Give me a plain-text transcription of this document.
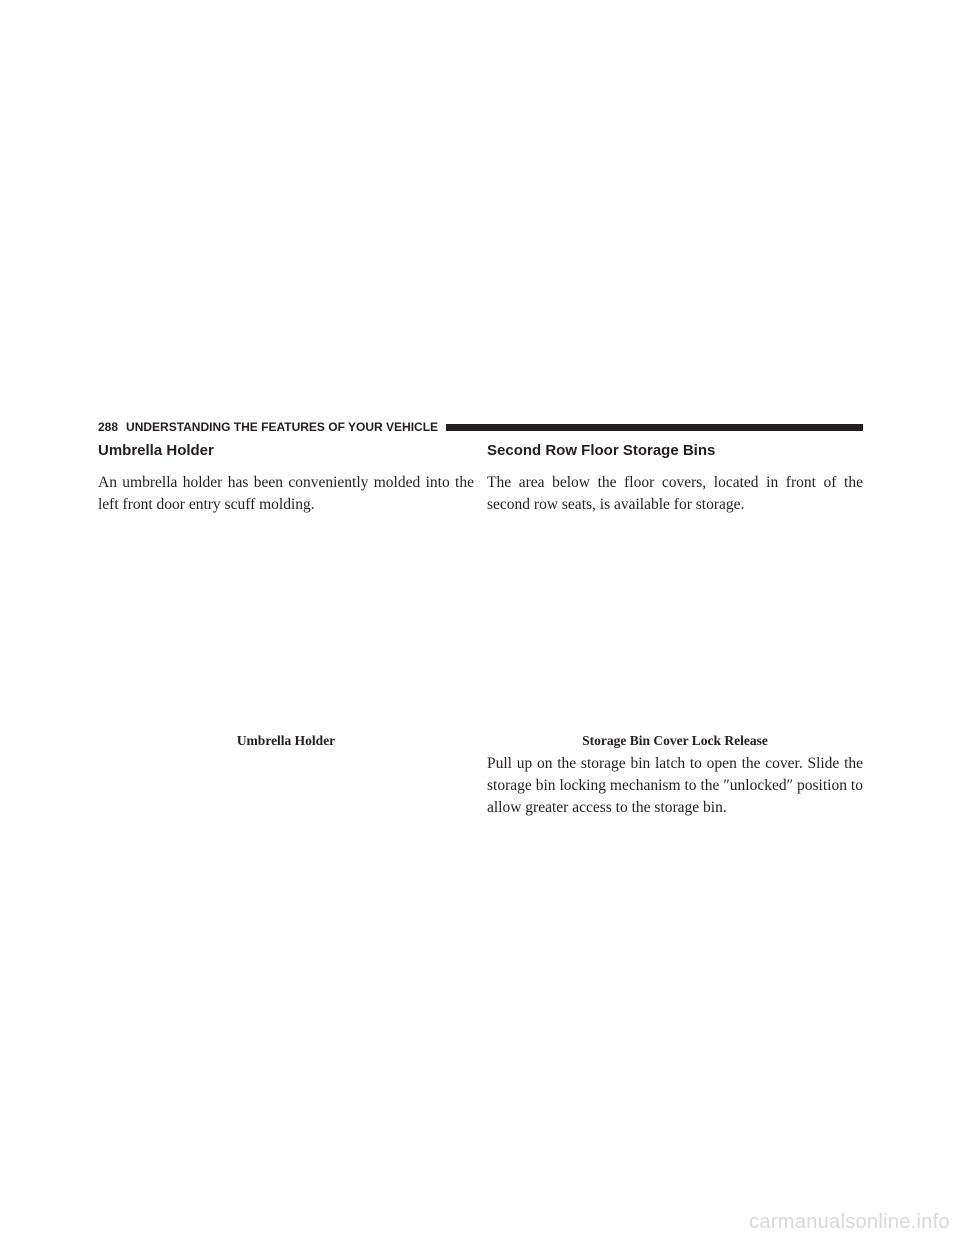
288 UNDERSTANDING THE FEATURES OF YOUR VEHICLE
Umbrella Holder

An umbrella holder has been conveniently molded into the left front door entry scuff molding.

Second Row Floor Storage Bins

The area below the floor covers, located in front of the second row seats, is available for storage.

Umbrella Holder	Storage Bin Cover Lock Release

Pull up on the storage bin latch to open the cover. Slide the storage bin locking mechanism to the ″unlocked″ position to allow greater access to the storage bin.

carmanualsonline.info
